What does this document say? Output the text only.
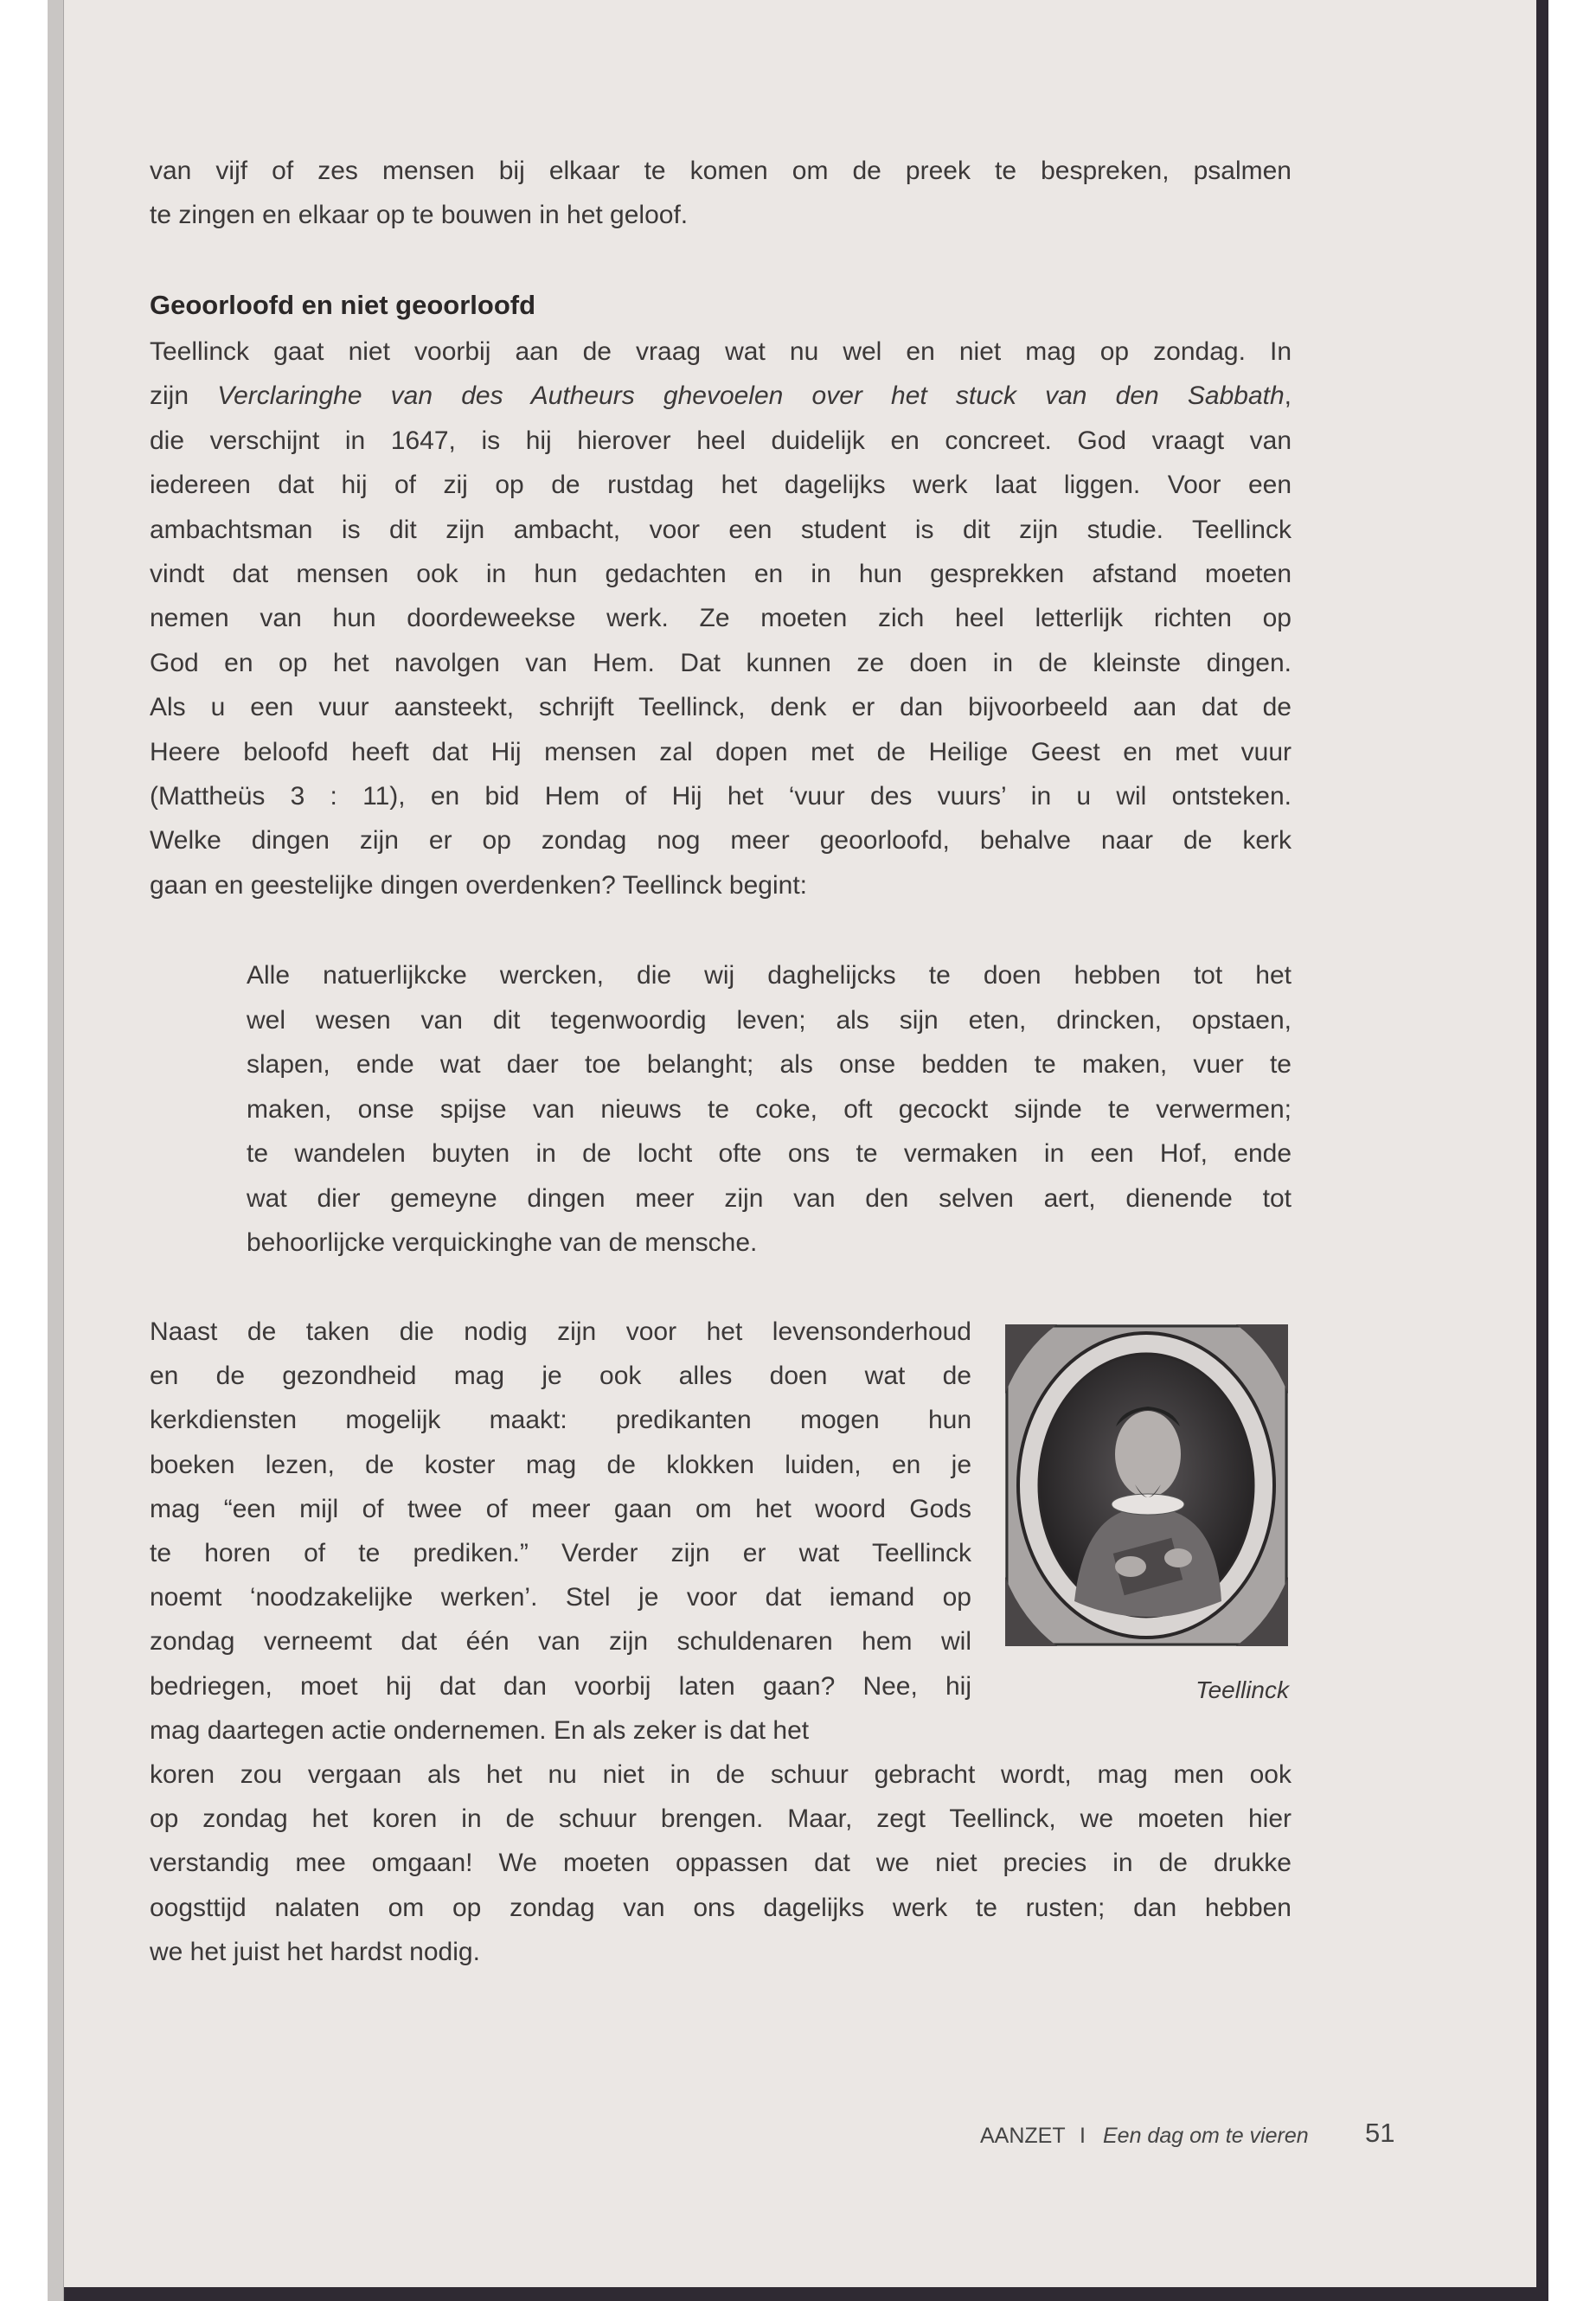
van vijf of zes mensen bij elkaar te komen om de preek te bespreken, psalmen
te zingen en elkaar op te bouwen in het geloof.
Teellinck gaat niet voorbij aan de vraag wat nu wel en niet mag op zondag. In
die verschijnt in 1647, is hij hierover heel duidelijk en concreet. God vraagt van
iedereen dat hij of zij op de rustdag het dagelijks werk laat liggen. Voor een
ambachtsman is dit zijn ambacht, voor een student is dit zijn studie. Teellinck
vindt dat mensen ook in hun gedachten en in hun gesprekken afstand moeten
nemen van hun doordeweekse werk. Ze moeten zich heel letterlijk richten op
God en op het navolgen van Hem. Dat kunnen ze doen in de kleinste dingen.
Als u een vuur aansteekt, schrijft Teellinck, denk er dan bijvoorbeeld aan dat de
Heere beloofd heeft dat Hij mensen zal dopen met de Heilige Geest en met vuur
(Mattheüs 3 : 11), en bid Hem of Hij het ‘vuur des vuurs’ in u wil ontsteken.
Welke dingen zijn er op zondag nog meer geoorloofd, behalve naar de kerk
gaan en geestelijke dingen overdenken? Teellinck begint:
Alle natuerlijkcke wercken, die wij daghelijcks te doen hebben tot het
wel wesen van dit tegenwoordig leven; als sijn eten, drincken, opstaen,
slapen, ende wat daer toe belanght; als onse bedden te maken, vuer te
maken, onse spijse van nieuws te coke, oft gecockt sijnde te verwermen;
te wandelen buyten in de locht ofte ons te vermaken in een Hof, ende
wat dier gemeyne dingen meer zijn van den selven aert, dienende tot
behoorlijcke verquickinghe van de mensche.
Naast de taken die nodig zijn voor het levensonderhoud
en de gezondheid mag je ook alles doen wat de
kerkdiensten mogelijk maakt: predikanten mogen hun
boeken lezen, de koster mag de klokken luiden, en je
mag “een mijl of twee of meer gaan om het woord Gods
te horen of te prediken.” Verder zijn er wat Teellinck
noemt ‘noodzakelijke werken’. Stel je voor dat iemand op
zondag verneemt dat één van zijn schuldenaren hem wil
bedriegen, moet hij dat dan voorbij laten gaan? Nee, hij
mag daartegen actie ondernemen. En als zeker is dat het
koren zou vergaan als het nu niet in de schuur gebracht wordt, mag men ook
op zondag het koren in de schuur brengen. Maar, zegt Teellinck, we moeten hier
verstandig mee omgaan! We moeten oppassen dat we niet precies in de drukke
oogsttijd nalaten om op zondag van ons dagelijks werk te rusten; dan hebben
we het juist het hardst nodig.
Geoorloofd en niet geoorloofd
zijn Verclaringhe van des Autheurs ghevoelen over het stuck van den Sabbath,
Teellinck
AANZET I Een dag om te vieren 51
